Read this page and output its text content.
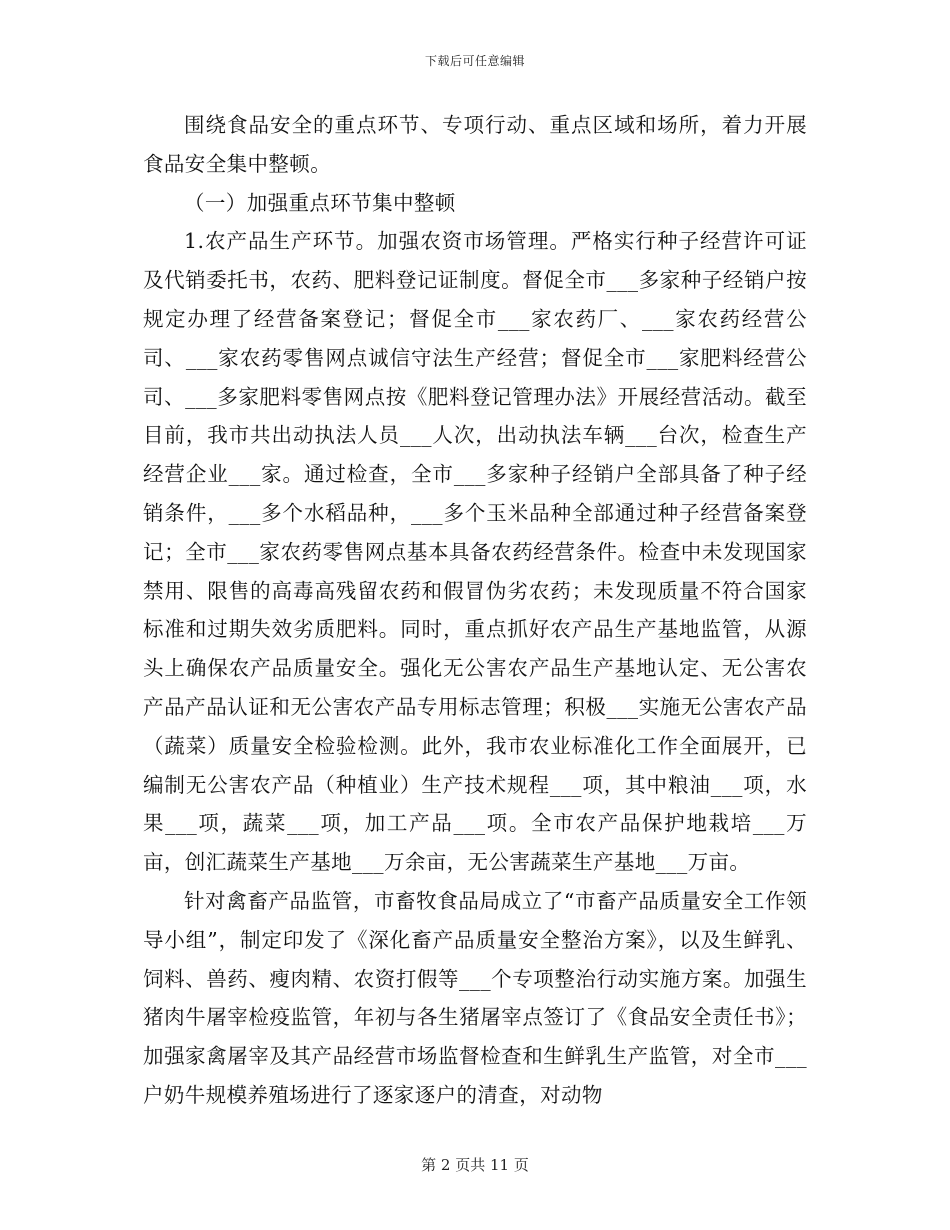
下载后可任意编辑

围绕食品安全的重点环节、专项行动、重点区域和场所，着力开展食品安全集中整顿。

（一）加强重点环节集中整顿

1.农产品生产环节。加强农资市场管理。严格实行种子经营许可证及代销委托书，农药、肥料登记证制度。督促全市___多家种子经销户按规定办理了经营备案登记；督促全市___家农药厂、___家农药经营公司、___家农药零售网点诚信守法生产经营；督促全市___家肥料经营公司、___多家肥料零售网点按《肥料登记管理办法》开展经营活动。截至目前，我市共出动执法人员___人次，出动执法车辆___台次，检查生产经营企业___家。通过检查，全市___多家种子经销户全部具备了种子经销条件，___多个水稻品种，___多个玉米品种全部通过种子经营备案登记；全市___家农药零售网点基本具备农药经营条件。检查中未发现国家禁用、限售的高毒高残留农药和假冒伪劣农药；未发现质量不符合国家标准和过期失效劣质肥料。同时，重点抓好农产品生产基地监管，从源头上确保农产品质量安全。强化无公害农产品生产基地认定、无公害农产品产品认证和无公害农产品专用标志管理；积极___实施无公害农产品（蔬菜）质量安全检验检测。此外，我市农业标准化工作全面展开，已编制无公害农产品（种植业）生产技术规程___项，其中粮油___项，水果___项，蔬菜___项，加工产品___项。全市农产品保护地栽培___万亩，创汇蔬菜生产基地___万余亩，无公害蔬菜生产基地___万亩。

针对禽畜产品监管，市畜牧食品局成立了“市畜产品质量安全工作领导小组”，制定印发了《深化畜产品质量安全整治方案》，以及生鲜乳、饲料、兽药、瘦肉精、农资打假等___个专项整治行动实施方案。加强生猪肉牛屠宰检疫监管，年初与各生猪屠宰点签订了《食品安全责任书》；加强家禽屠宰及其产品经营市场监督检查和生鲜乳生产监管，对全市___户奶牛规模养殖场进行了逐家逐户的清查，对动物

第 2 页共 11 页
